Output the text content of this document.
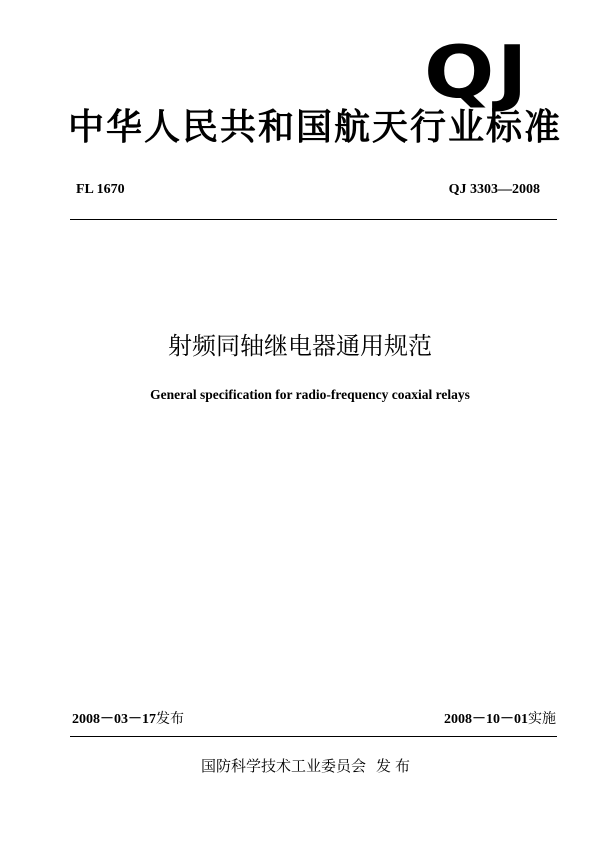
QJ
中华人民共和国航天行业标准
FL 1670	QJ 3303—2008
射频同轴继电器通用规范
General specification for radio-frequency coaxial relays
2008－03－17发布	2008－10－01实施
国防科学技术工业委员会 发布
